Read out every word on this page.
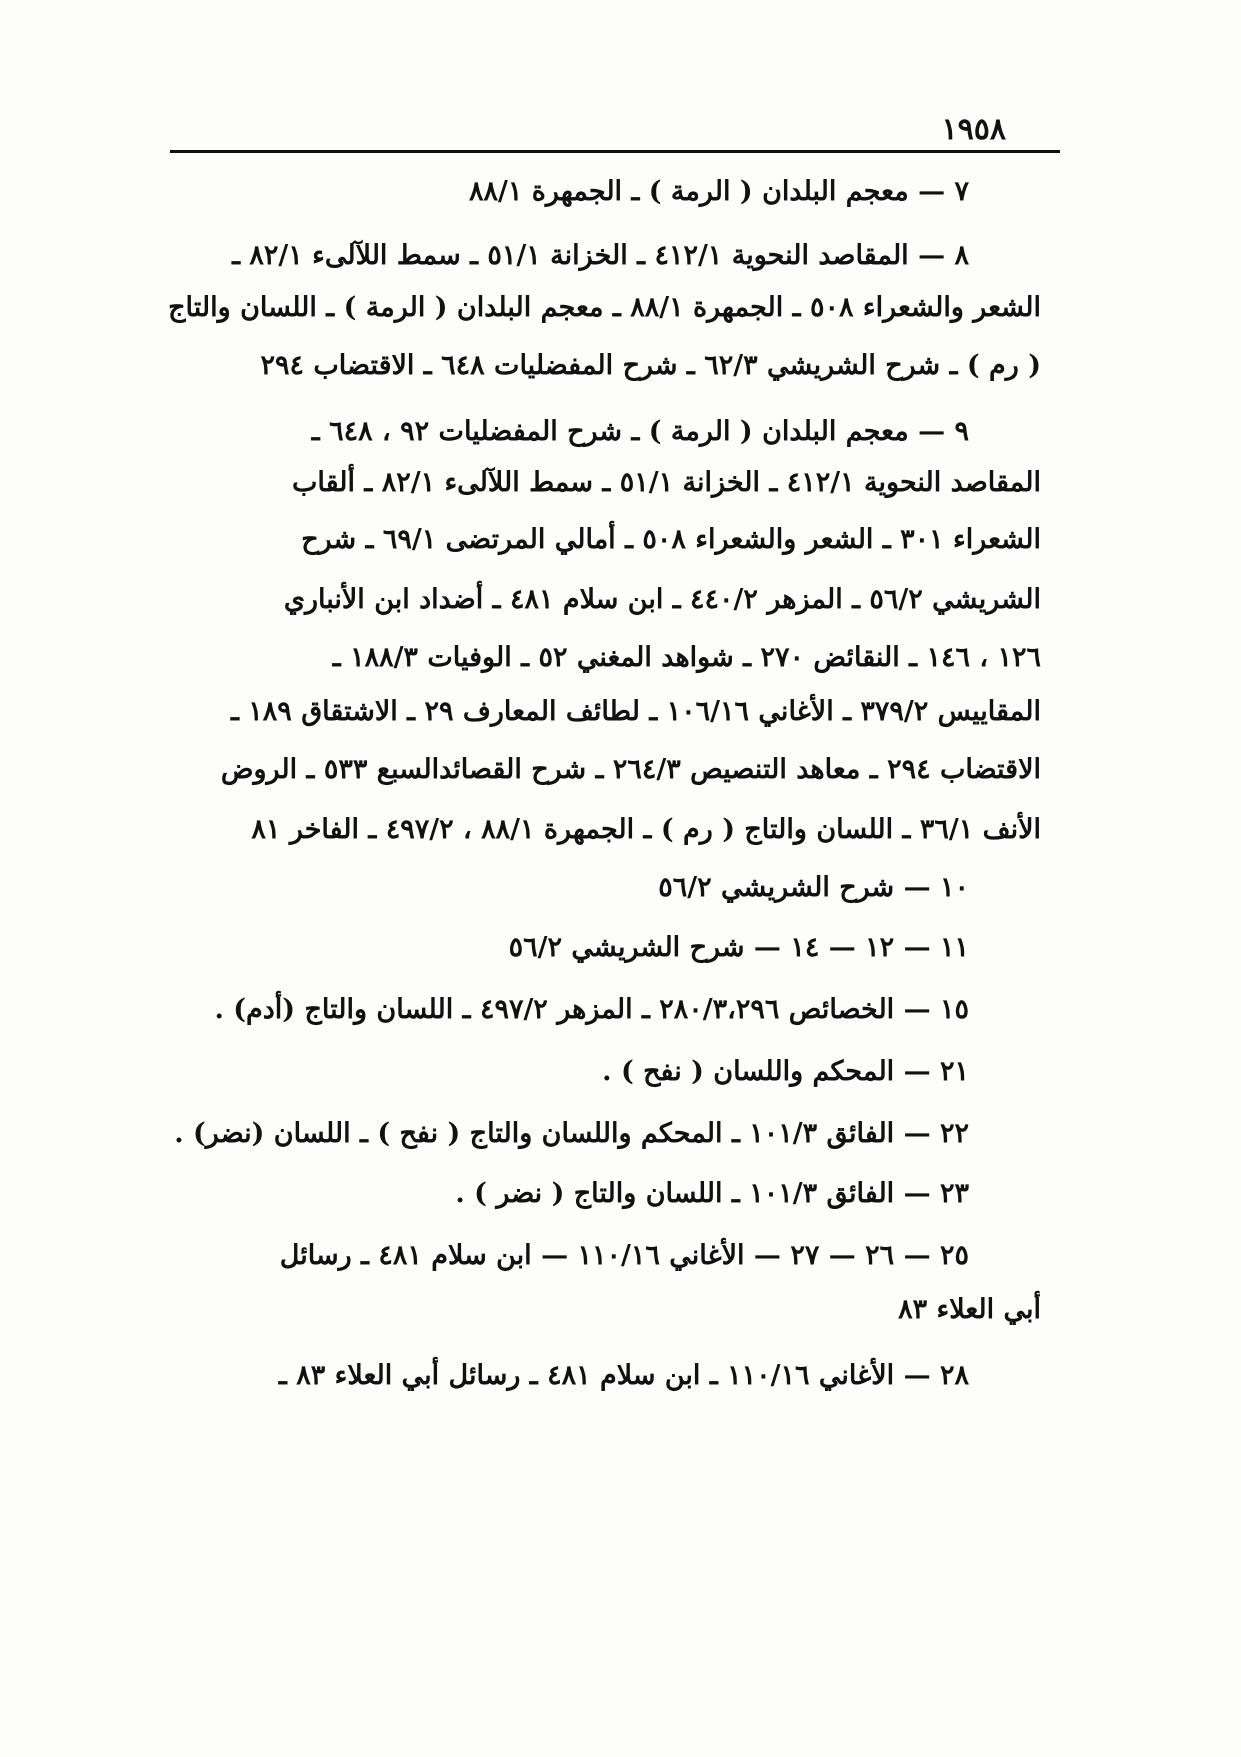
١٩٥٨
٧ — معجم البلدان ( الرمة ) ـ الجمهرة ٨٨/١
٨ — المقاصد النحوية ٤١٢/١ ـ الخزانة ٥١/١ ـ سمط اللآلىء ٨٢/١ ـ
الشعر والشعراء ٥٠٨ ـ الجمهرة ٨٨/١ ـ معجم البلدان ( الرمة ) ـ اللسان والتاج
( رم ) ـ شرح الشريشي ٦٢/٣ ـ شرح المفضليات ٦٤٨ ـ الاقتضاب ٢٩٤
٩ — معجم البلدان ( الرمة ) ـ شرح المفضليات ٩٢ ، ٦٤٨ ـ
المقاصد النحوية ٤١٢/١ ـ الخزانة ٥١/١ ـ سمط اللآلىء ٨٢/١ ـ ألقاب
الشعراء ٣٠١ ـ الشعر والشعراء ٥٠٨ ـ أمالي المرتضى ٦٩/١ ـ شرح
الشريشي ٥٦/٢ ـ المزهر ٤٤٠/٢ ـ ابن سلام ٤٨١ ـ أضداد ابن الأنباري
١٢٦ ، ١٤٦ ـ النقائض ٢٧٠ ـ شواهد المغني ٥٢ ـ الوفيات ١٨٨/٣ ـ
المقاييس ٣٧٩/٢ ـ الأغاني ١٠٦/١٦ ـ لطائف المعارف ٢٩ ـ الاشتقاق ١٨٩ ـ
الاقتضاب ٢٩٤ ـ معاهد التنصيص ٢٦٤/٣ ـ شرح القصائدالسبع ٥٣٣ ـ الروض
الأنف ٣٦/١ ـ اللسان والتاج ( رم ) ـ الجمهرة ٨٨/١ ، ٤٩٧/٢ ـ الفاخر ٨١
١٠ — شرح الشريشي ٥٦/٢
١١ — ١٢ — ١٤ — شرح الشريشي ٥٦/٢
١٥ — الخصائص ٢٨٠/٣،٢٩٦ ـ المزهر ٤٩٧/٢ ـ اللسان والتاج (أدم) .
٢١ — المحكم واللسان ( نفح ) .
٢٢ — الفائق ١٠١/٣ ـ المحكم واللسان والتاج ( نفح ) ـ اللسان (نضر) .
٢٣ — الفائق ١٠١/٣ ـ اللسان والتاج ( نضر ) .
٢٥ — ٢٦ — ٢٧ — الأغاني ١١٠/١٦ — ابن سلام ٤٨١ ـ رسائل
أبي العلاء ٨٣
٢٨ — الأغاني ١١٠/١٦ ـ ابن سلام ٤٨١ ـ رسائل أبي العلاء ٨٣ ـ
